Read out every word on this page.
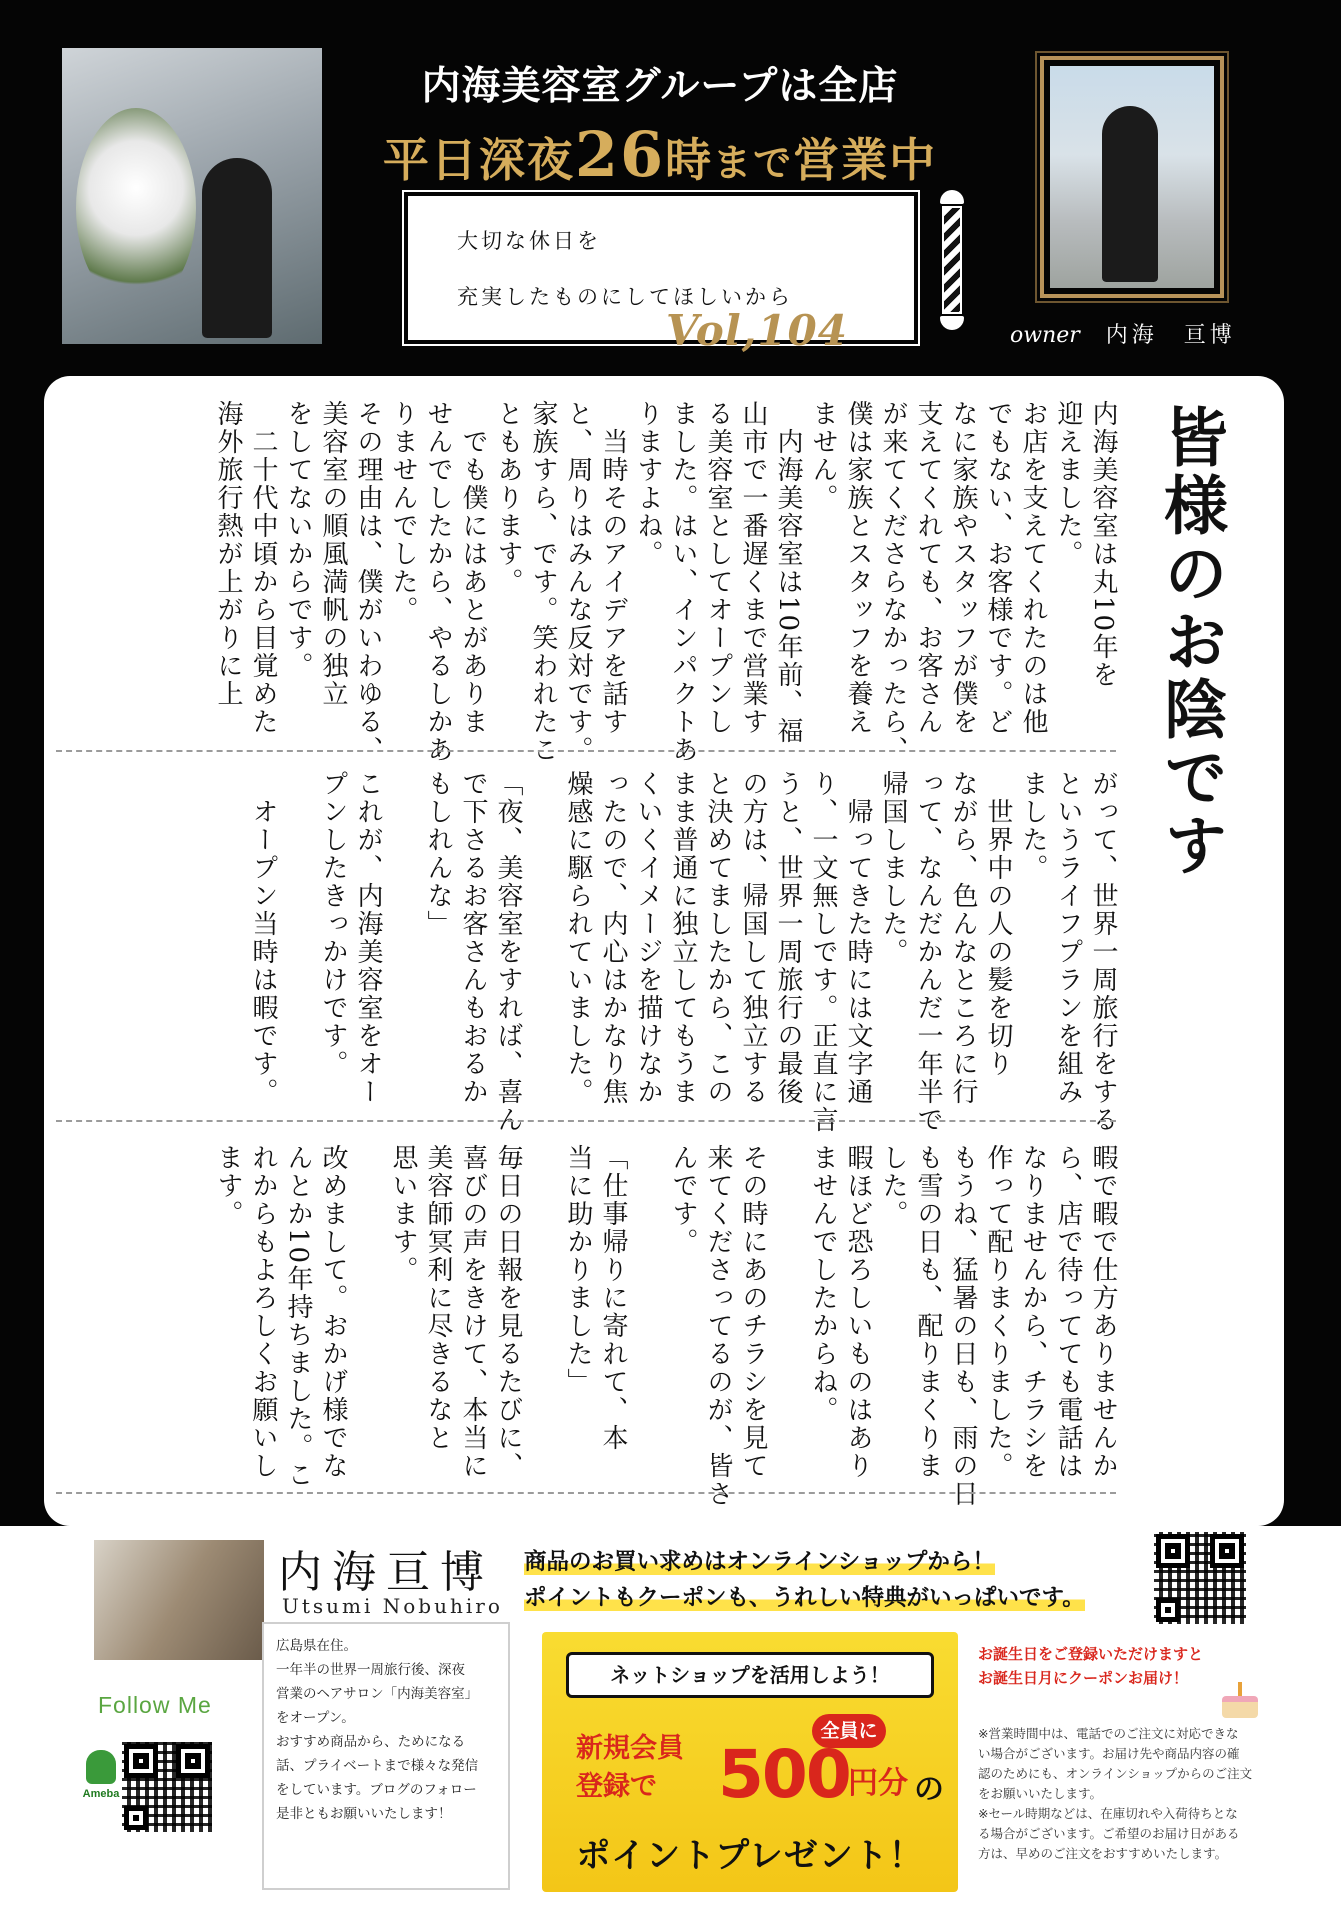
内海美容室グループは全店
平日深夜26時まで営業中
大切な休日を
充実したものにしてほしいから
Vol,104	owner 内海　亘博
皆様のお陰です
内海美容室は丸10年を
迎えました。
お店を支えてくれたのは他
でもない、お客様です。ど
なに家族やスタッフが僕を
支えてくれても、お客さん
が来てくださらなかったら、
僕は家族とスタッフを養え
ません。
　内海美容室は10年前、福
山市で一番遅くまで営業す
る美容室としてオープンし
ました。はい、インパクトあ
りますよね。
　当時そのアイデアを話す
と、周りはみんな反対です。
家族すら、です。笑われたこ
ともあります。
　でも僕にはあとがありま
せんでしたから、やるしかあ
りませんでした。
その理由は、僕がいわゆる、
美容室の順風満帆の独立
をしてないからです。
　二十代中頃から目覚めた
海外旅行熱が上がりに上
がって、世界一周旅行をする
というライフプランを組み
ました。
　世界中の人の髪を切り
ながら、色んなところに行
って、なんだかんだ一年半で
帰国しました。
　帰ってきた時には文字通
り、一文無しです。正直に言
うと、世界一周旅行の最後
の方は、帰国して独立する
と決めてましたから、この
まま普通に独立してもうま
くいくイメージを描けなか
ったので、内心はかなり焦
燥感に駆られていました。

「夜、美容室をすれば、喜ん
で下さるお客さんもおるか
もしれんな」

これが、内海美容室をオー
プンしたきっかけです。

　オープン当時は暇です。
暇で暇で仕方ありませんか
ら、店で待ってても電話は
なりませんから、チラシを
作って配りまくりました。
もうね、猛暑の日も、雨の日
も雪の日も、配りまくりま
した。
暇ほど恐ろしいものはあり
ませんでしたからね。

その時にあのチラシを見て
来てくださってるのが、皆さ
んです。

「仕事帰りに寄れて、本
当に助かりました」

毎日の日報を見るたびに、
喜びの声をきけて、本当に
美容師冥利に尽きるなと
思います。

改めまして。おかげ様でな
んとか10年持ちました。こ
れからもよろしくお願いし
ます。
内海亘博
Utsumi Nobuhiro
広島県在住。
一年半の世界一周旅行後、深夜
営業のヘアサロン「内海美容室」
をオープン。
おすすめ商品から、ためになる
話、プライベートまで様々な発信
をしています。ブログのフォロー
是非ともお願いいたします！
Follow Me
Ameba
商品のお買い求めはオンラインショップから！
ポイントもクーポンも、うれしい特典がいっぱいです。
ネットショップを活用しよう！
新規会員
登録で
全員に
500
円分 の
ポイントプレゼント！
お誕生日をご登録いただけますと
お誕生日月にクーポンお届け！
※営業時間中は、電話でのご注文に対応できな
い場合がございます。お届け先や商品内容の確
認のためにも、オンラインショップからのご注文
をお願いいたします。
※セール時期などは、在庫切れや入荷待ちとな
る場合がございます。ご希望のお届け日がある
方は、早めのご注文をおすすめいたします。
